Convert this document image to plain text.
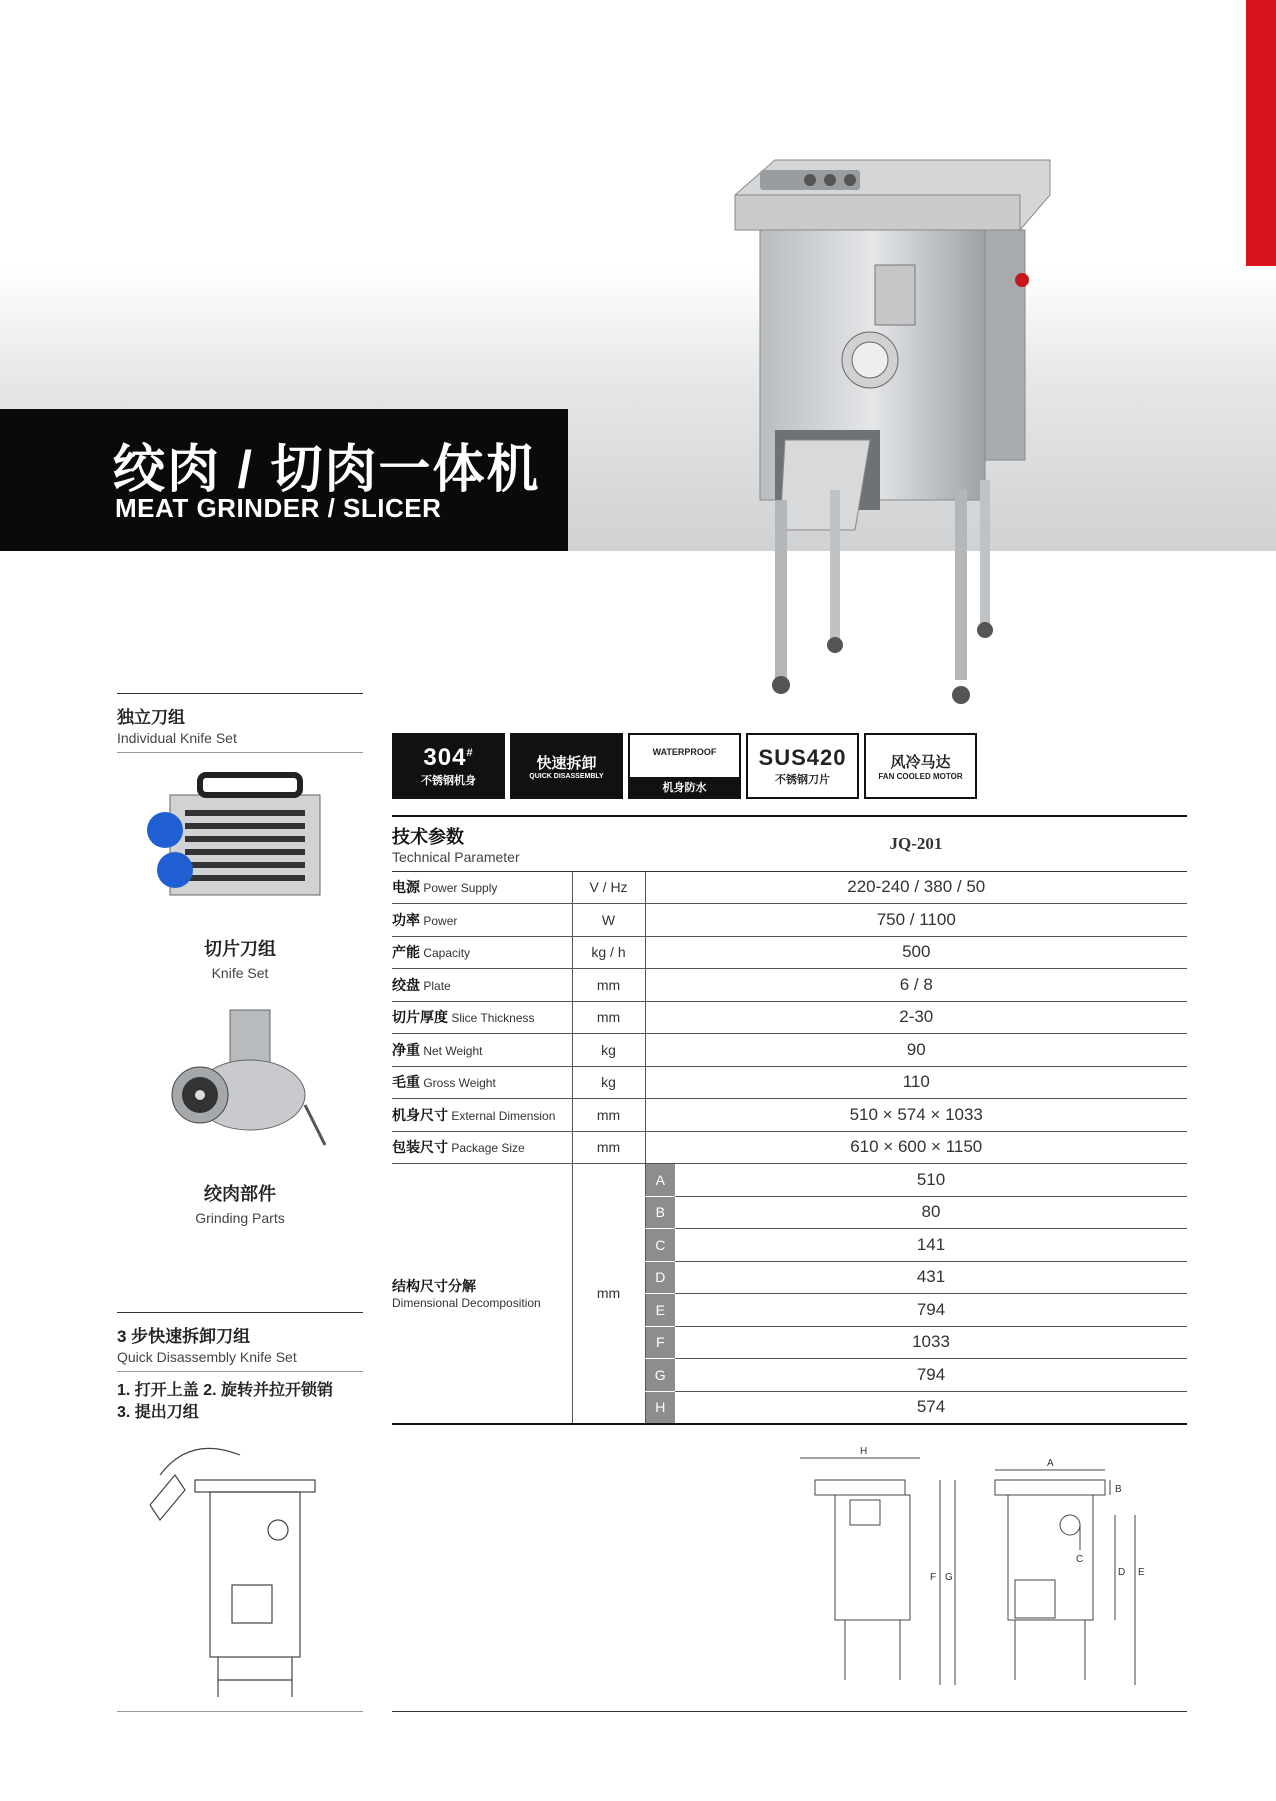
绞肉 / 切肉一体机
MEAT GRINDER / SLICER
独立刀组
Individual Knife Set
切片刀组
Knife Set
绞肉部件
Grinding Parts
3 步快速拆卸刀组
Quick Disassembly Knife Set
1. 打开上盖 2. 旋转并拉开锁销
3. 提出刀组
304#
不锈钢机身
快速拆卸
QUICK DISASSEMBLY
WATERPROOF
机身防水
SUS420
不锈钢刀片
风冷马达
FAN COOLED MOTOR
技术参数
Technical Parameter		JQ-201	
电源 Power Supply	V / Hz	220-240 / 380 / 50	
功率 Power	W	750 / 1100	
产能 Capacity	kg / h	500	
绞盘 Plate	mm	6 / 8	
切片厚度 Slice Thickness	mm	2-30	
净重 Net Weight	kg	90	
毛重 Gross Weight	kg	110	
机身尺寸 External Dimension	mm	510 × 574 × 1033	
包装尺寸 Package Size	mm	610 × 600 × 1150	
结构尺寸分解
Dimensional Decomposition	mm	A	510
		B	80
		C	141
		D	431
		E	794
		F	1033
		G	794
		H	574
H
A
B
C
D E
F G
